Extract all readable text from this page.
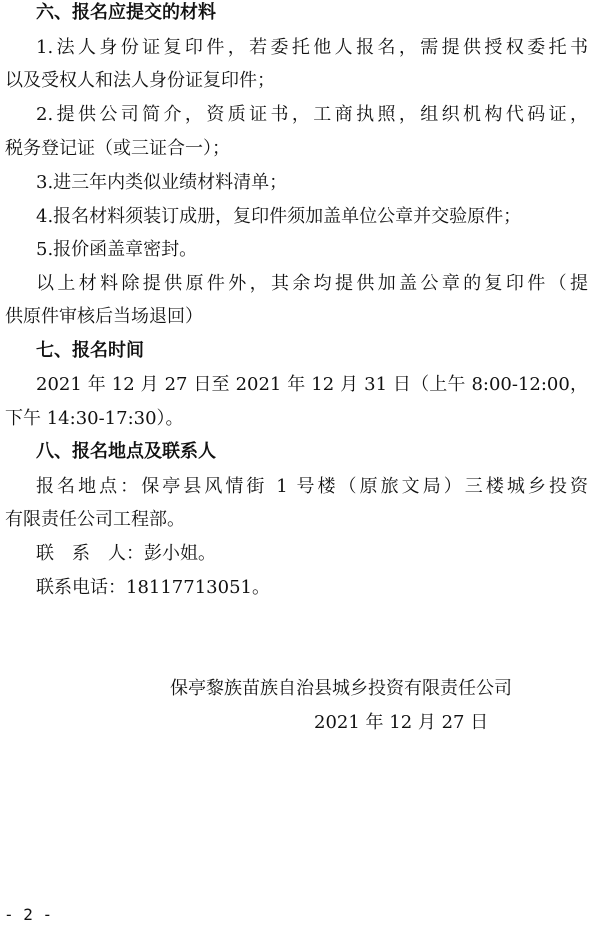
六、报名应提交的材料
1.法人身份证复印件，若委托他人报名，需提供授权委托书
以及受权人和法人身份证复印件；
2.提供公司简介，资质证书，工商执照，组织机构代码证，
税务登记证（或三证合一）；
3.进三年内类似业绩材料清单；
4.报名材料须装订成册，复印件须加盖单位公章并交验原件；
5.报价函盖章密封。
以上材料除提供原件外，其余均提供加盖公章的复印件（提
供原件审核后当场退回）
七、报名时间
2021 年 12 月 27 日至 2021 年 12 月 31 日（上午 8:00-12:00，
下午 14:30-17:30）。
八、报名地点及联系人
报名地点：保亭县风情街 1 号楼（原旅文局）三楼城乡投资
有限责任公司工程部。
联　系　人：彭小姐。
联系电话：18117713051。
保亭黎族苗族自治县城乡投资有限责任公司
2021 年 12 月 27 日
- 2 -
